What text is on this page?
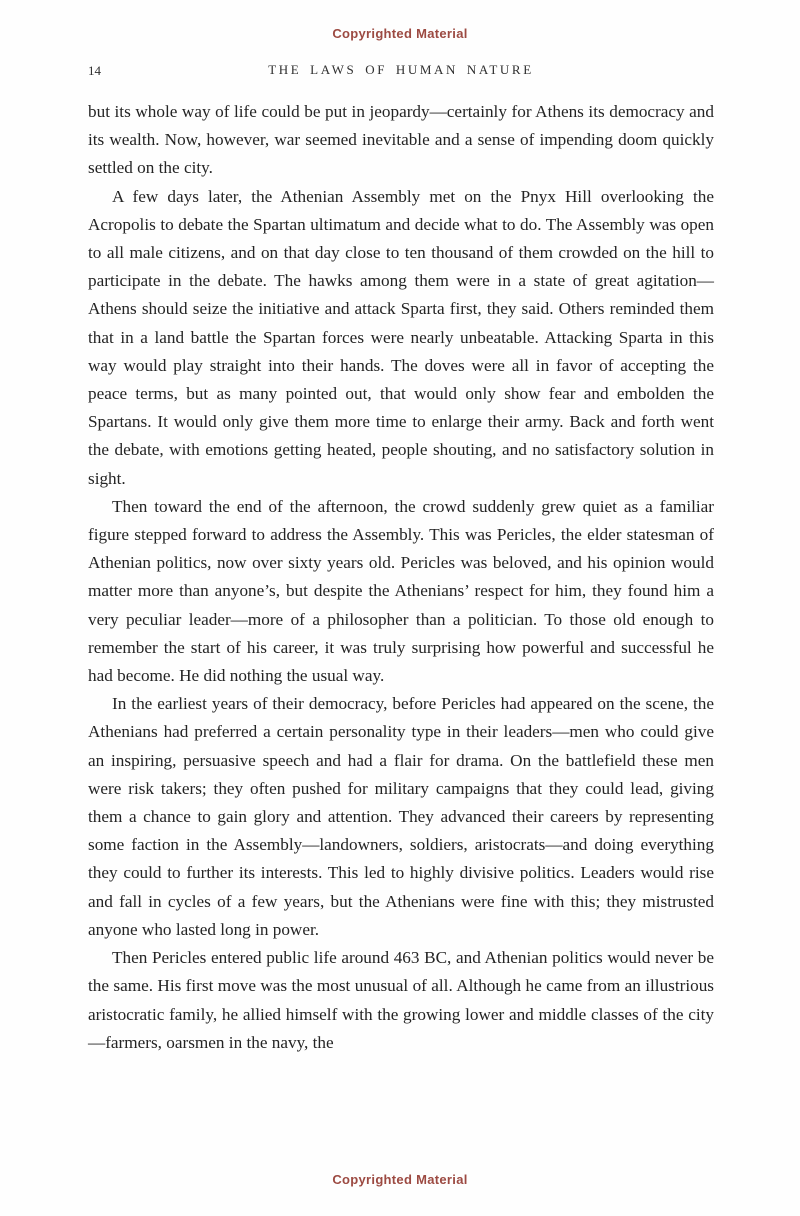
Copyrighted Material
14	THE LAWS OF HUMAN NATURE

but its whole way of life could be put in jeopardy—certainly for Athens its democracy and its wealth. Now, however, war seemed inevitable and a sense of impending doom quickly settled on the city.

A few days later, the Athenian Assembly met on the Pnyx Hill overlooking the Acropolis to debate the Spartan ultimatum and decide what to do. The Assembly was open to all male citizens, and on that day close to ten thousand of them crowded on the hill to participate in the debate. The hawks among them were in a state of great agitation—Athens should seize the initiative and attack Sparta first, they said. Others reminded them that in a land battle the Spartan forces were nearly unbeatable. Attacking Sparta in this way would play straight into their hands. The doves were all in favor of accepting the peace terms, but as many pointed out, that would only show fear and embolden the Spartans. It would only give them more time to enlarge their army. Back and forth went the debate, with emotions getting heated, people shouting, and no satisfactory solution in sight.

Then toward the end of the afternoon, the crowd suddenly grew quiet as a familiar figure stepped forward to address the Assembly. This was Pericles, the elder statesman of Athenian politics, now over sixty years old. Pericles was beloved, and his opinion would matter more than anyone’s, but despite the Athenians’ respect for him, they found him a very peculiar leader—more of a philosopher than a politician. To those old enough to remember the start of his career, it was truly surprising how powerful and successful he had become. He did nothing the usual way.

In the earliest years of their democracy, before Pericles had appeared on the scene, the Athenians had preferred a certain personality type in their leaders—men who could give an inspiring, persuasive speech and had a flair for drama. On the battlefield these men were risk takers; they often pushed for military campaigns that they could lead, giving them a chance to gain glory and attention. They advanced their careers by representing some faction in the Assembly—landowners, soldiers, aristocrats—and doing everything they could to further its interests. This led to highly divisive politics. Leaders would rise and fall in cycles of a few years, but the Athenians were fine with this; they mistrusted anyone who lasted long in power.

Then Pericles entered public life around 463 BC, and Athenian politics would never be the same. His first move was the most unusual of all. Although he came from an illustrious aristocratic family, he allied himself with the growing lower and middle classes of the city—farmers, oarsmen in the navy, the

Copyrighted Material
